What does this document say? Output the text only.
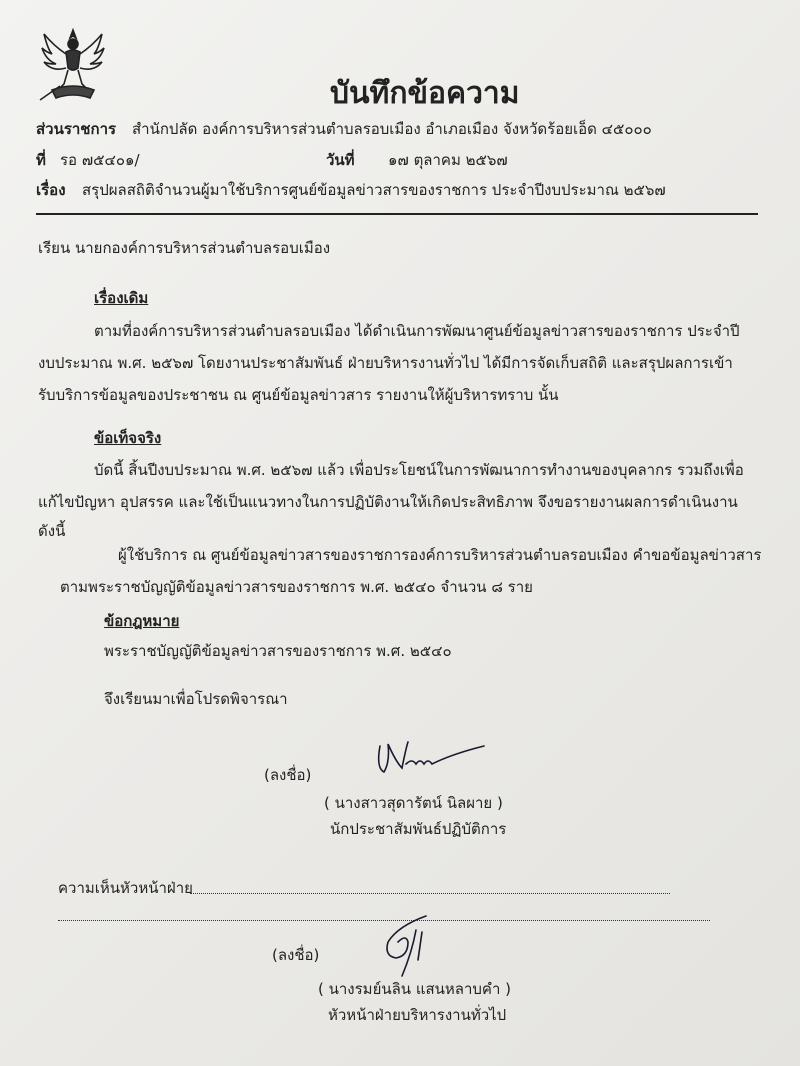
บันทึกข้อความ
ส่วนราชการ สำนักปลัด องค์การบริหารส่วนตำบลรอบเมือง อำเภอเมือง จังหวัดร้อยเอ็ด ๔๕๐๐๐
ที่ รอ ๗๕๔๐๑/	วันที่ ๑๗ ตุลาคม ๒๕๖๗
เรื่อง สรุปผลสถิติจำนวนผู้มาใช้บริการศูนย์ข้อมูลข่าวสารของราชการ ประจำปีงบประมาณ ๒๕๖๗
เรียน นายกองค์การบริหารส่วนตำบลรอบเมือง
เรื่องเดิม
ตามที่องค์การบริหารส่วนตำบลรอบเมือง ได้ดำเนินการพัฒนาศูนย์ข้อมูลข่าวสารของราชการ ประจำปี
งบประมาณ พ.ศ. ๒๕๖๗ โดยงานประชาสัมพันธ์ ฝ่ายบริหารงานทั่วไป ได้มีการจัดเก็บสถิติ และสรุปผลการเข้า
รับบริการข้อมูลของประชาชน ณ ศูนย์ข้อมูลข่าวสาร รายงานให้ผู้บริหารทราบ นั้น
ข้อเท็จจริง
บัดนี้ สิ้นปีงบประมาณ พ.ศ. ๒๕๖๗ แล้ว เพื่อประโยชน์ในการพัฒนาการทำงานของบุคลากร รวมถึงเพื่อ
แก้ไขปัญหา อุปสรรค และใช้เป็นแนวทางในการปฏิบัติงานให้เกิดประสิทธิภาพ จึงขอรายงานผลการดำเนินงาน
ดังนี้
ผู้ใช้บริการ ณ ศูนย์ข้อมูลข่าวสารของราชการองค์การบริหารส่วนตำบลรอบเมือง คำขอข้อมูลข่าวสาร
ตามพระราชบัญญัติข้อมูลข่าวสารของราชการ พ.ศ. ๒๕๔๐ จำนวน ๘ ราย
ข้อกฎหมาย
พระราชบัญญัติข้อมูลข่าวสารของราชการ พ.ศ. ๒๕๔๐
จึงเรียนมาเพื่อโปรดพิจารณา
(ลงชื่อ)
( นางสาวสุดารัตน์ นิลผาย )
นักประชาสัมพันธ์ปฏิบัติการ
ความเห็นหัวหน้าฝ่าย
(ลงชื่อ)
( นางรมย์นลิน แสนหลาบคำ )
หัวหน้าฝ่ายบริหารงานทั่วไป
